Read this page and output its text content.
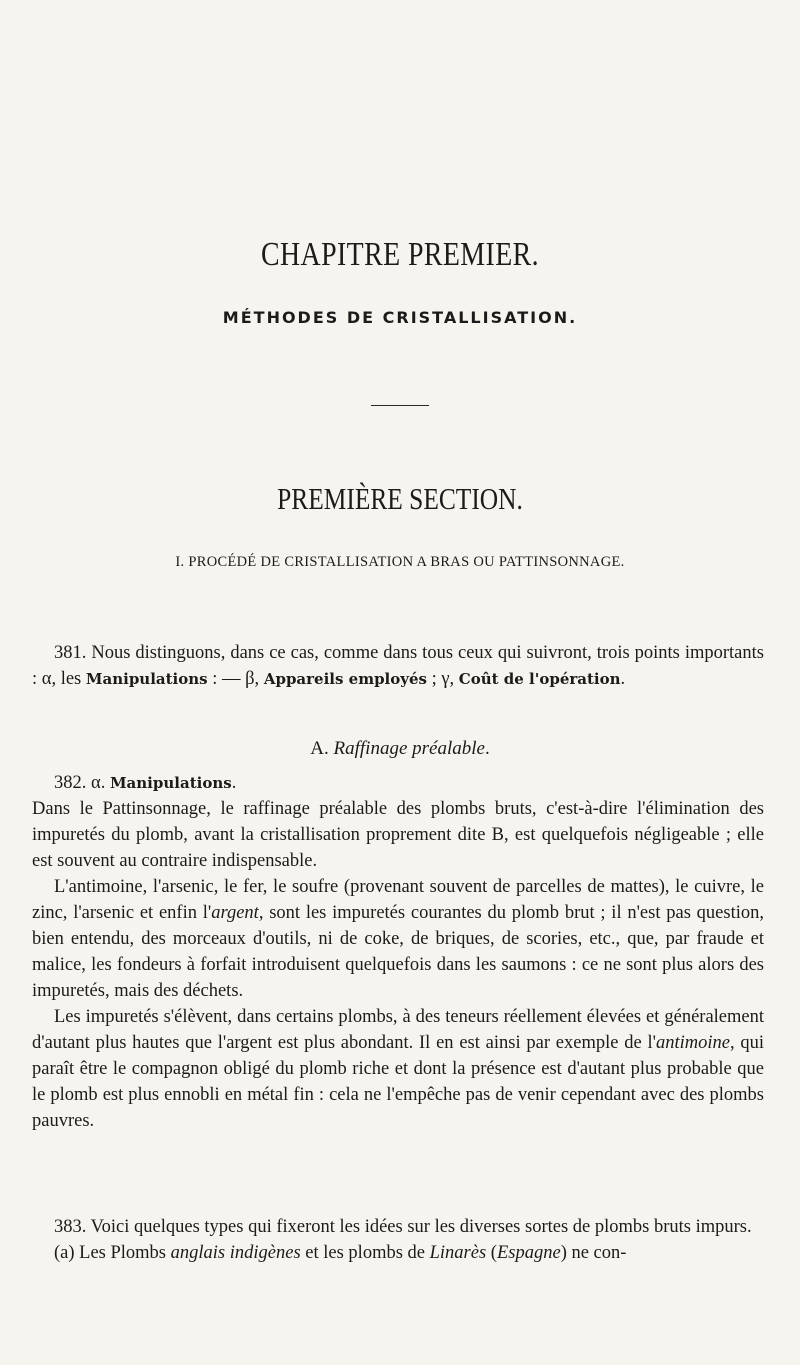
CHAPITRE PREMIER.
MÉTHODES DE CRISTALLISATION.
PREMIÈRE SECTION.
I. PROCÉDÉ DE CRISTALLISATION A BRAS OU PATTINSONNAGE.

381. Nous distinguons, dans ce cas, comme dans tous ceux qui suivront, trois points importants : α, les Manipulations : — β, Appareils employés ; γ, Coût de l'opération.

A. Raffinage préalable.

382. α. Manipulations.

Dans le Pattinsonnage, le raffinage préalable des plombs bruts, c'est-à-dire l'élimination des impuretés du plomb, avant la cristallisation proprement dite B, est quelquefois négligeable ; elle est souvent au contraire indispensable.

L'antimoine, l'arsenic, le fer, le soufre (provenant souvent de parcelles de mattes), le cuivre, le zinc, l'arsenic et enfin l'argent, sont les impuretés courantes du plomb brut ; il n'est pas question, bien entendu, des morceaux d'outils, ni de coke, de briques, de scories, etc., que, par fraude et malice, les fondeurs à forfait introduisent quelquefois dans les saumons : ce ne sont plus alors des impuretés, mais des déchets.

Les impuretés s'élèvent, dans certains plombs, à des teneurs réellement élevées et généralement d'autant plus hautes que l'argent est plus abondant. Il en est ainsi par exemple de l'antimoine, qui paraît être le compagnon obligé du plomb riche et dont la présence est d'autant plus probable que le plomb est plus ennobli en métal fin : cela ne l'empêche pas de venir cependant avec des plombs pauvres.

383. Voici quelques types qui fixeront les idées sur les diverses sortes de plombs bruts impurs.

(a) Les Plombs anglais indigènes et les plombs de Linarès (Espagne) ne con-
